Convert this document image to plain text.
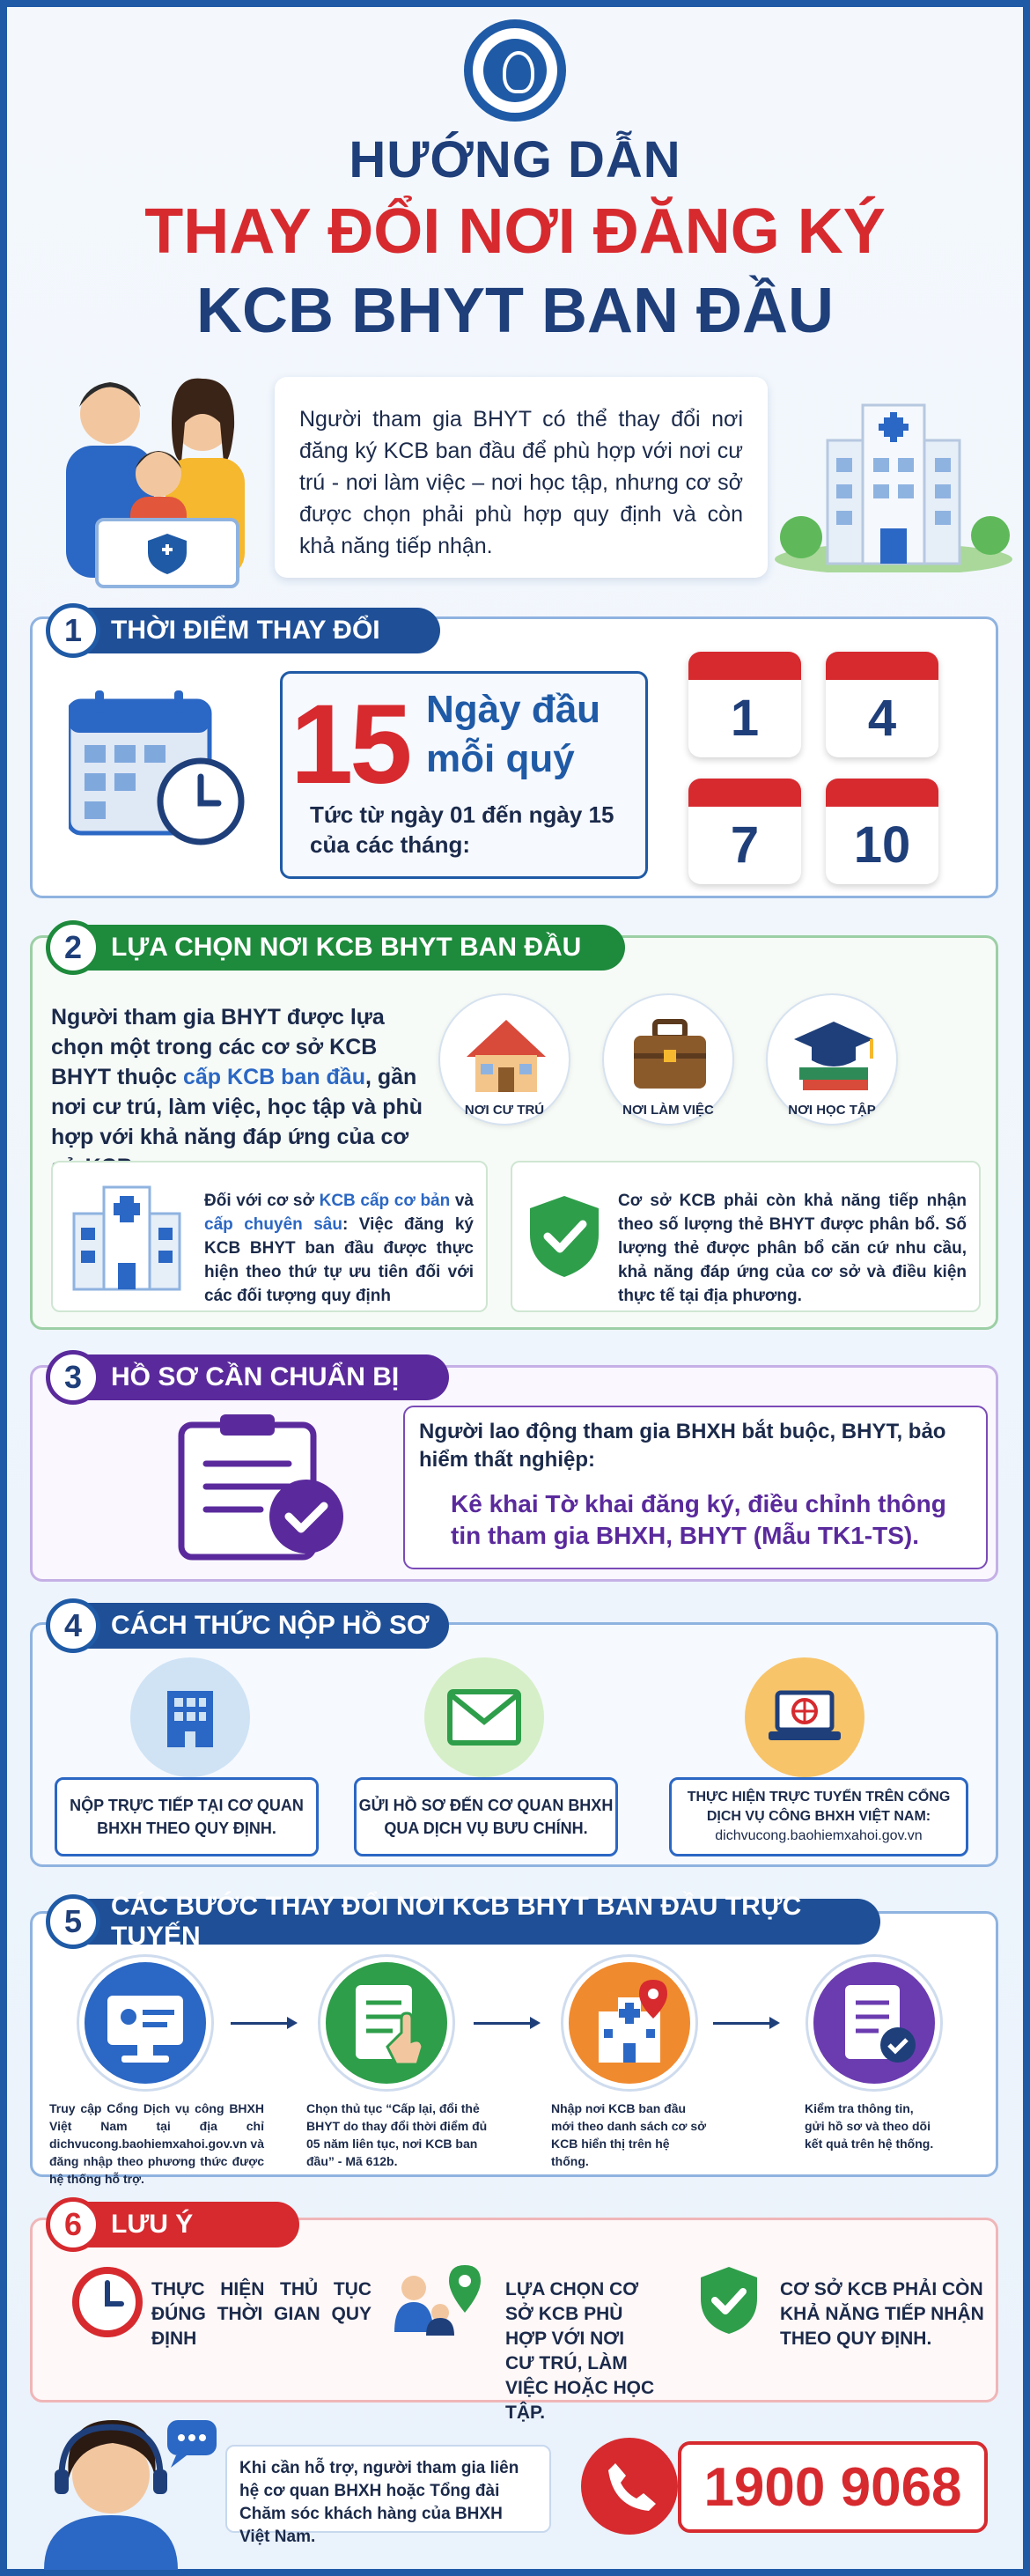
HƯỚNG DẪN
THAY ĐỔI NƠI ĐĂNG KÝ
KCB BHYT BAN ĐẦU
Người tham gia BHYT có thể thay đổi nơi đăng ký KCB ban đầu để phù hợp với nơi cư trú - nơi làm việc – nơi học tập, nhưng cơ sở được chọn phải phù hợp quy định và còn khả năng tiếp nhận.
THỜI ĐIỂM THAY ĐỔI
1
15 Ngày đầu
mỗi quý
Tức từ ngày 01 đến ngày 15
của các tháng:
1	4
7	10
LỰA CHỌN NƠI KCB BHYT BAN ĐẦU
2
Người tham gia BHYT được lựa chọn một trong các cơ sở KCB BHYT thuộc cấp KCB ban đầu, gần nơi cư trú, làm việc, học tập và phù hợp với khả năng đáp ứng của cơ
NƠI CƯ TRÚ	NƠI LÀM VIỆC	NƠI HỌC TẬP
Đối với cơ sở KCB cấp cơ bản và cấp chuyên sâu: Việc đăng ký KCB BHYT ban đầu được thực hiện theo thứ tự ưu tiên đối với các đối tượng quy định
Cơ sở KCB phải còn khả năng tiếp nhận theo số lượng thẻ BHYT được phân bổ. Số lượng thẻ được phân bổ căn cứ nhu cầu, khả năng đáp ứng của cơ sở và điều kiện thực tế tại địa phương.
HỒ SƠ CẦN CHUẨN BỊ
3
Người lao động tham gia BHXH bắt buộc, BHYT, bảo hiểm thất nghiệp:
Kê khai Tờ khai đăng ký, điều chỉnh thông tin tham gia BHXH, BHYT (Mẫu TK1-TS).
CÁCH THỨC NỘP HỒ SƠ
4
NỘP TRỰC TIẾP TẠI CƠ QUAN BHXH THEO QUY ĐỊNH.
GỬI HỒ SƠ ĐẾN CƠ QUAN BHXH QUA DỊCH VỤ BƯU CHÍNH.
THỰC HIỆN TRỰC TUYẾN TRÊN CỔNG DỊCH VỤ CÔNG BHXH VIỆT NAM:
dichvucong.baohiemxahoi.gov.vn
CÁC BƯỚC THAY ĐỔI NƠI KCB BHYT BAN ĐẦU TRỰC TUYẾN
5
Truy cập Cổng Dịch vụ công BHXH Việt Nam tại địa chỉ dichvucong.baohiemxahoi.gov.vn và đăng nhập theo phương thức được hệ thống hỗ trợ.
Chọn thủ tục “Cấp lại, đổi thẻ BHYT do thay đổi thời điểm đủ 05 năm liên tục, nơi KCB ban đầu” - Mã 612b.
Nhập nơi KCB ban đầu mới theo danh sách cơ sở KCB hiển thị trên hệ thống.
Kiểm tra thông tin, gửi hồ sơ và theo dõi kết quả trên hệ thống.
LƯU Ý
6
THỰC HIỆN THỦ TỤC ĐÚNG THỜI GIAN QUY ĐỊNH
LỰA CHỌN CƠ SỞ KCB PHÙ HỢP VỚI NƠI CƯ TRÚ, LÀM VIỆC HOẶC HỌC TẬP.
CƠ SỞ KCB PHẢI CÒN KHẢ NĂNG TIẾP NHẬN THEO QUY ĐỊNH.
Khi cần hỗ trợ, người tham gia liên hệ cơ quan BHXH hoặc Tổng đài Chăm sóc khách hàng của BHXH Việt Nam.
1900 9068
